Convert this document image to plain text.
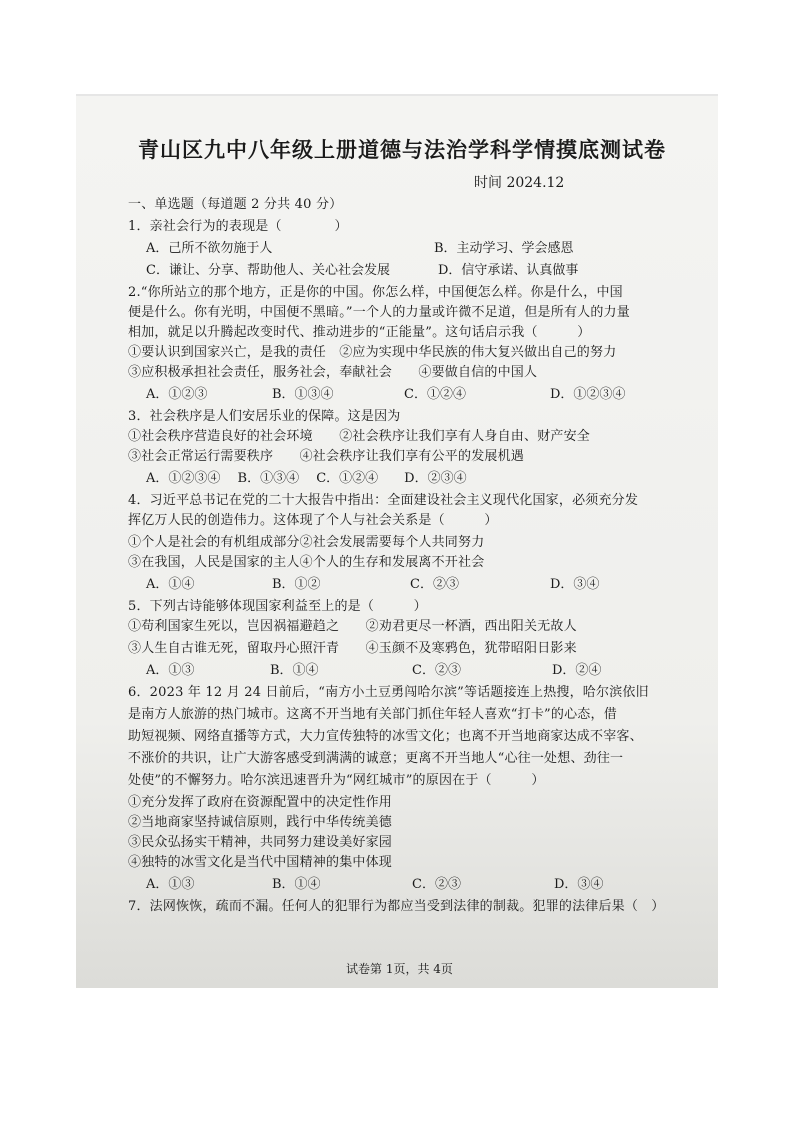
青山区九中八年级上册道德与法治学科学情摸底测试卷
时间 2024.12
一、单选题（每道题 2 分共 40 分）
1．亲社会行为的表现是（　　　　）
A．己所不欲勿施于人	B．主动学习、学会感恩
C．谦让、分享、帮助他人、关心社会发展	D．信守承诺、认真做事
2.“你所站立的那个地方，正是你的中国。你怎么样，中国便怎么样。你是什么，中国
便是什么。你有光明，中国便不黑暗。”一个人的力量或许微不足道，但是所有人的力量
相加，就足以升腾起改变时代、推动进步的“正能量”。这句话启示我（　　　）
①要认识到国家兴亡，是我的责任　②应为实现中华民族的伟大复兴做出自己的努力
③应积极承担社会责任，服务社会，奉献社会　　④要做自信的中国人
A．①②③	B．①③④	C．①②④	D．①②③④
3．社会秩序是人们安居乐业的保障。这是因为
①社会秩序营造良好的社会环境　　②社会秩序让我们享有人身自由、财产安全
③社会正常运行需要秩序　　④社会秩序让我们享有公平的发展机遇
A．①②③④　 B．①③④　 C．①②④　　D．②③④
4．习近平总书记在党的二十大报告中指出：全面建设社会主义现代化国家，必须充分发
挥亿万人民的创造伟力。这体现了个人与社会关系是（　　　）
①个人是社会的有机组成部分②社会发展需要每个人共同努力
③在我国，人民是国家的主人④个人的生存和发展离不开社会
A．①④	B．①②	C．②③	D．③④
5．下列古诗能够体现国家利益至上的是（　　　）
①苟利国家生死以，岂因祸福避趋之　　②劝君更尽一杯酒，西出阳关无故人
③人生自古谁无死，留取丹心照汗青　　④玉颜不及寒鸦色，犹带昭阳日影来
A．①③	B．①④	C．②③	D．②④
6．2023 年 12 月 24 日前后，“南方小土豆勇闯哈尔滨”等话题接连上热搜，哈尔滨依旧
是南方人旅游的热门城市。这离不开当地有关部门抓住年轻人喜欢“打卡”的心态，借
助短视频、网络直播等方式，大力宣传独特的冰雪文化；也离不开当地商家达成不宰客、
不涨价的共识，让广大游客感受到满满的诚意；更离不开当地人“心往一处想、劲往一
处使”的不懈努力。哈尔滨迅速晋升为“网红城市”的原因在于（　　　）
①充分发挥了政府在资源配置中的决定性作用
②当地商家坚持诚信原则，践行中华传统美德
③民众弘扬实干精神，共同努力建设美好家园
④独特的冰雪文化是当代中国精神的集中体现
A．①③	B．①④	C．②③	D．③④
7．法网恢恢，疏而不漏。任何人的犯罪行为都应当受到法律的制裁。犯罪的法律后果（　）
试卷第 1页，共 4页
